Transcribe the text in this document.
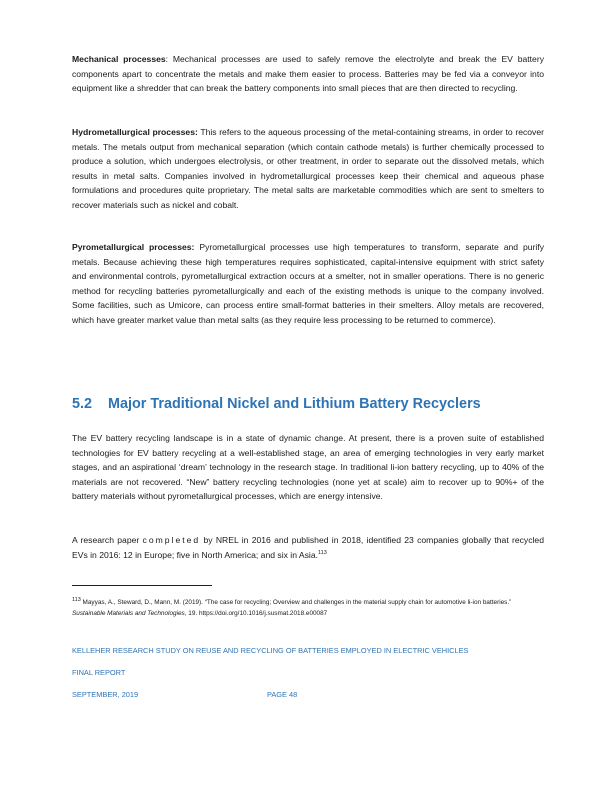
Mechanical processes: Mechanical processes are used to safely remove the electrolyte and break the EV battery components apart to concentrate the metals and make them easier to process. Batteries may be fed via a conveyor into equipment like a shredder that can break the battery components into small pieces that are then directed to recycling.

Hydrometallurgical processes: This refers to the aqueous processing of the metal-containing streams, in order to recover metals. The metals output from mechanical separation (which contain cathode metals) is further chemically processed to produce a solution, which undergoes electrolysis, or other treatment, in order to separate out the dissolved metals, which results in metal salts. Companies involved in hydrometallurgical processes keep their chemical and aqueous phase formulations and procedures quite proprietary. The metal salts are marketable commodities which are sent to smelters to recover materials such as nickel and cobalt.

Pyrometallurgical processes: Pyrometallurgical processes use high temperatures to transform, separate and purify metals. Because achieving these high temperatures requires sophisticated, capital-intensive equipment with strict safety and environmental controls, pyrometallurgical extraction occurs at a smelter, not in smaller operations. There is no generic method for recycling batteries pyrometallurgically and each of the existing methods is unique to the company involved. Some facilities, such as Umicore, can process entire small-format batteries in their smelters. Alloy metals are recovered, which have greater market value than metal salts (as they require less processing to be returned to commerce).

5.2 Major Traditional Nickel and Lithium Battery Recyclers

The EV battery recycling landscape is in a state of dynamic change. At present, there is a proven suite of established technologies for EV battery recycling at a well-established stage, an area of emerging technologies in very early market stages, and an aspirational ‘dream’ technology in the research stage. In traditional li-ion battery recycling, up to 40% of the materials are not recovered. “New” battery recycling technologies (none yet at scale) aim to recover up to 90%+ of the battery materials without pyrometallurgical processes, which are energy intensive.

A research paper completed by NREL in 2016 and published in 2018, identified 23 companies globally that recycled EVs in 2016: 12 in Europe; five in North America; and six in Asia.$^{113}$

$^{113}$ Mayyas, A., Steward, D., Mann, M. (2019). “The case for recycling; Overview and challenges in the material supply chain for automotive li-ion batteries.” Sustainable Materials and Technologies, 19. https://doi.org/10.1016/j.susmat.2018.e00087

KELLEHER RESEARCH STUDY ON REUSE AND RECYCLING OF BATTERIES EMPLOYED IN ELECTRIC VEHICLES

FINAL REPORT

SEPTEMBER, 2019	PAGE 48
